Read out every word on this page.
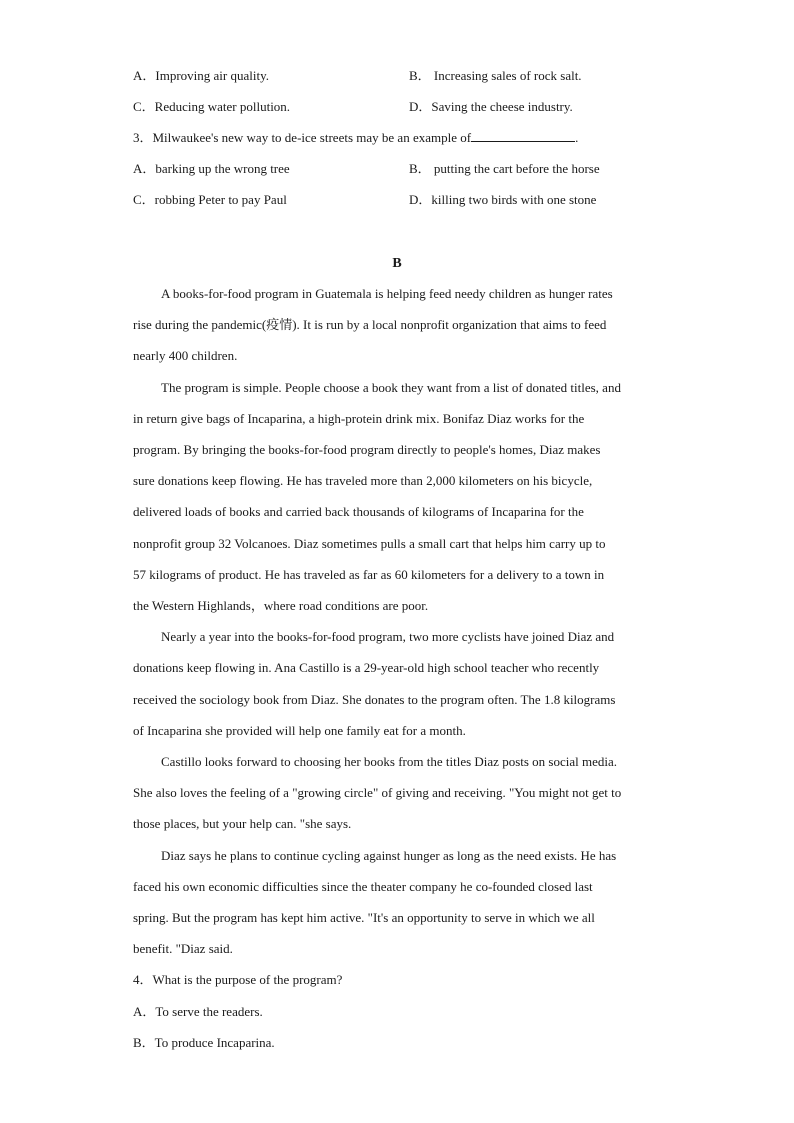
A．Improving air quality.	B． Increasing sales of rock salt.
C．Reducing water pollution.	D．Saving the cheese industry.
3．Milwaukee's new way to de-ice streets may be an example of	.
A．barking up the wrong tree	B． putting the cart before the horse
C．robbing Peter to pay Paul	D．killing two birds with one stone
B
A books-for-food program in Guatemala is helping feed needy children as hunger rates
rise during the pandemic(疫情). It is run by a local nonprofit organization that aims to feed
nearly 400 children.
The program is simple. People choose a book they want from a list of donated titles, and
in return give bags of Incaparina, a high-protein drink mix. Bonifaz Diaz works for the
program. By bringing the books-for-food program directly to people's homes, Diaz makes
sure donations keep flowing. He has traveled more than 2,000 kilometers on his bicycle,
delivered loads of books and carried back thousands of kilograms of Incaparina for the
nonprofit group 32 Volcanoes. Diaz sometimes pulls a small cart that helps him carry up to
57 kilograms of product. He has traveled as far as 60 kilometers for a delivery to a town in
the Western Highlands，where road conditions are poor.
Nearly a year into the books-for-food program, two more cyclists have joined Diaz and
donations keep flowing in. Ana Castillo is a 29-year-old high school teacher who recently
received the sociology book from Diaz. She donates to the program often. The 1.8 kilograms
of Incaparina she provided will help one family eat for a month.
Castillo looks forward to choosing her books from the titles Diaz posts on social media.
She also loves the feeling of a "growing circle" of giving and receiving. "You might not get to
those places, but your help can. "she says.
Diaz says he plans to continue cycling against hunger as long as the need exists. He has
faced his own economic difficulties since the theater company he co-founded closed last
spring. But the program has kept him active. "It's an opportunity to serve in which we all
benefit. "Diaz said.
4．What is the purpose of the program?
A．To serve the readers.
B．To produce Incaparina.
